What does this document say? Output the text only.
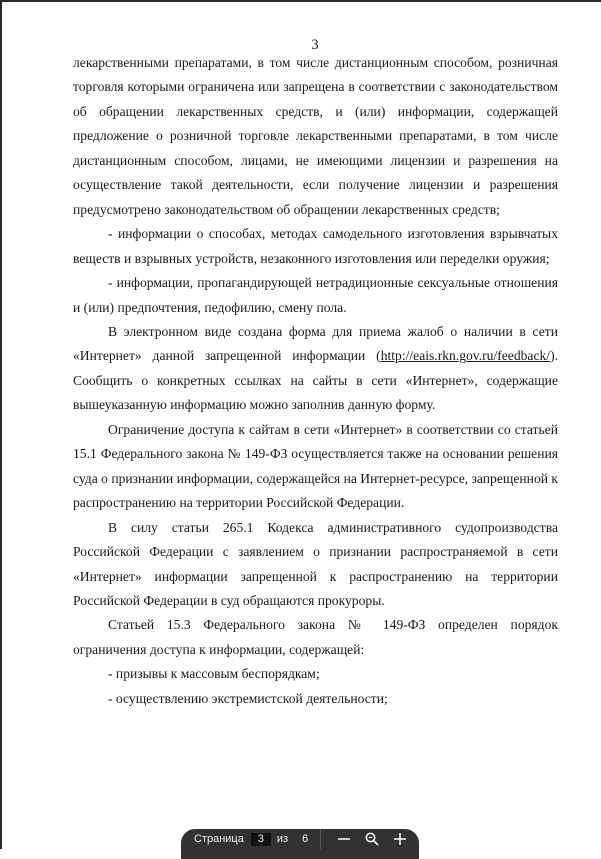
3

лекарственными препаратами, в том числе дистанционным способом, розничная торговля которыми ограничена или запрещена в соответствии с законодательством об обращении лекарственных средств, и (или) информации, содержащей предложение о розничной торговле лекарственными препаратами, в том числе дистанционным способом, лицами, не имеющими лицензии и разрешения на осуществление такой деятельности, если получение лицензии и разрешения предусмотрено законодательством об обращении лекарственных средств;

- информации о способах, методах самодельного изготовления взрывчатых веществ и взрывных устройств, незаконного изготовления или переделки оружия;

- информации, пропагандирующей нетрадиционные сексуальные отношения и (или) предпочтения, педофилию, смену пола.

В электронном виде создана форма для приема жалоб о наличии в сети «Интернет» данной запрещенной информации (http://eais.rkn.gov.ru/feedback/). Сообщить о конкретных ссылках на сайты в сети «Интернет», содержащие вышеуказанную информацию можно заполнив данную форму.

Ограничение доступа к сайтам в сети «Интернет» в соответствии со статьей 15.1 Федерального закона № 149-ФЗ осуществляется также на основании решения суда о признании информации, содержащейся на Интернет-ресурсе, запрещенной к распространению на территории Российской Федерации.

В силу статьи 265.1 Кодекса административного судопроизводства Российской Федерации с заявлением о признании распространяемой в сети «Интернет» информации запрещенной к распространению на территории Российской Федерации в суд обращаются прокуроры.

Статьей 15.3 Федерального закона № 149-ФЗ определен порядок ограничения доступа к информации, содержащей:

- призывы к массовым беспорядкам;

- осуществлению экстремистской деятельности;

Страница
3	из 6
